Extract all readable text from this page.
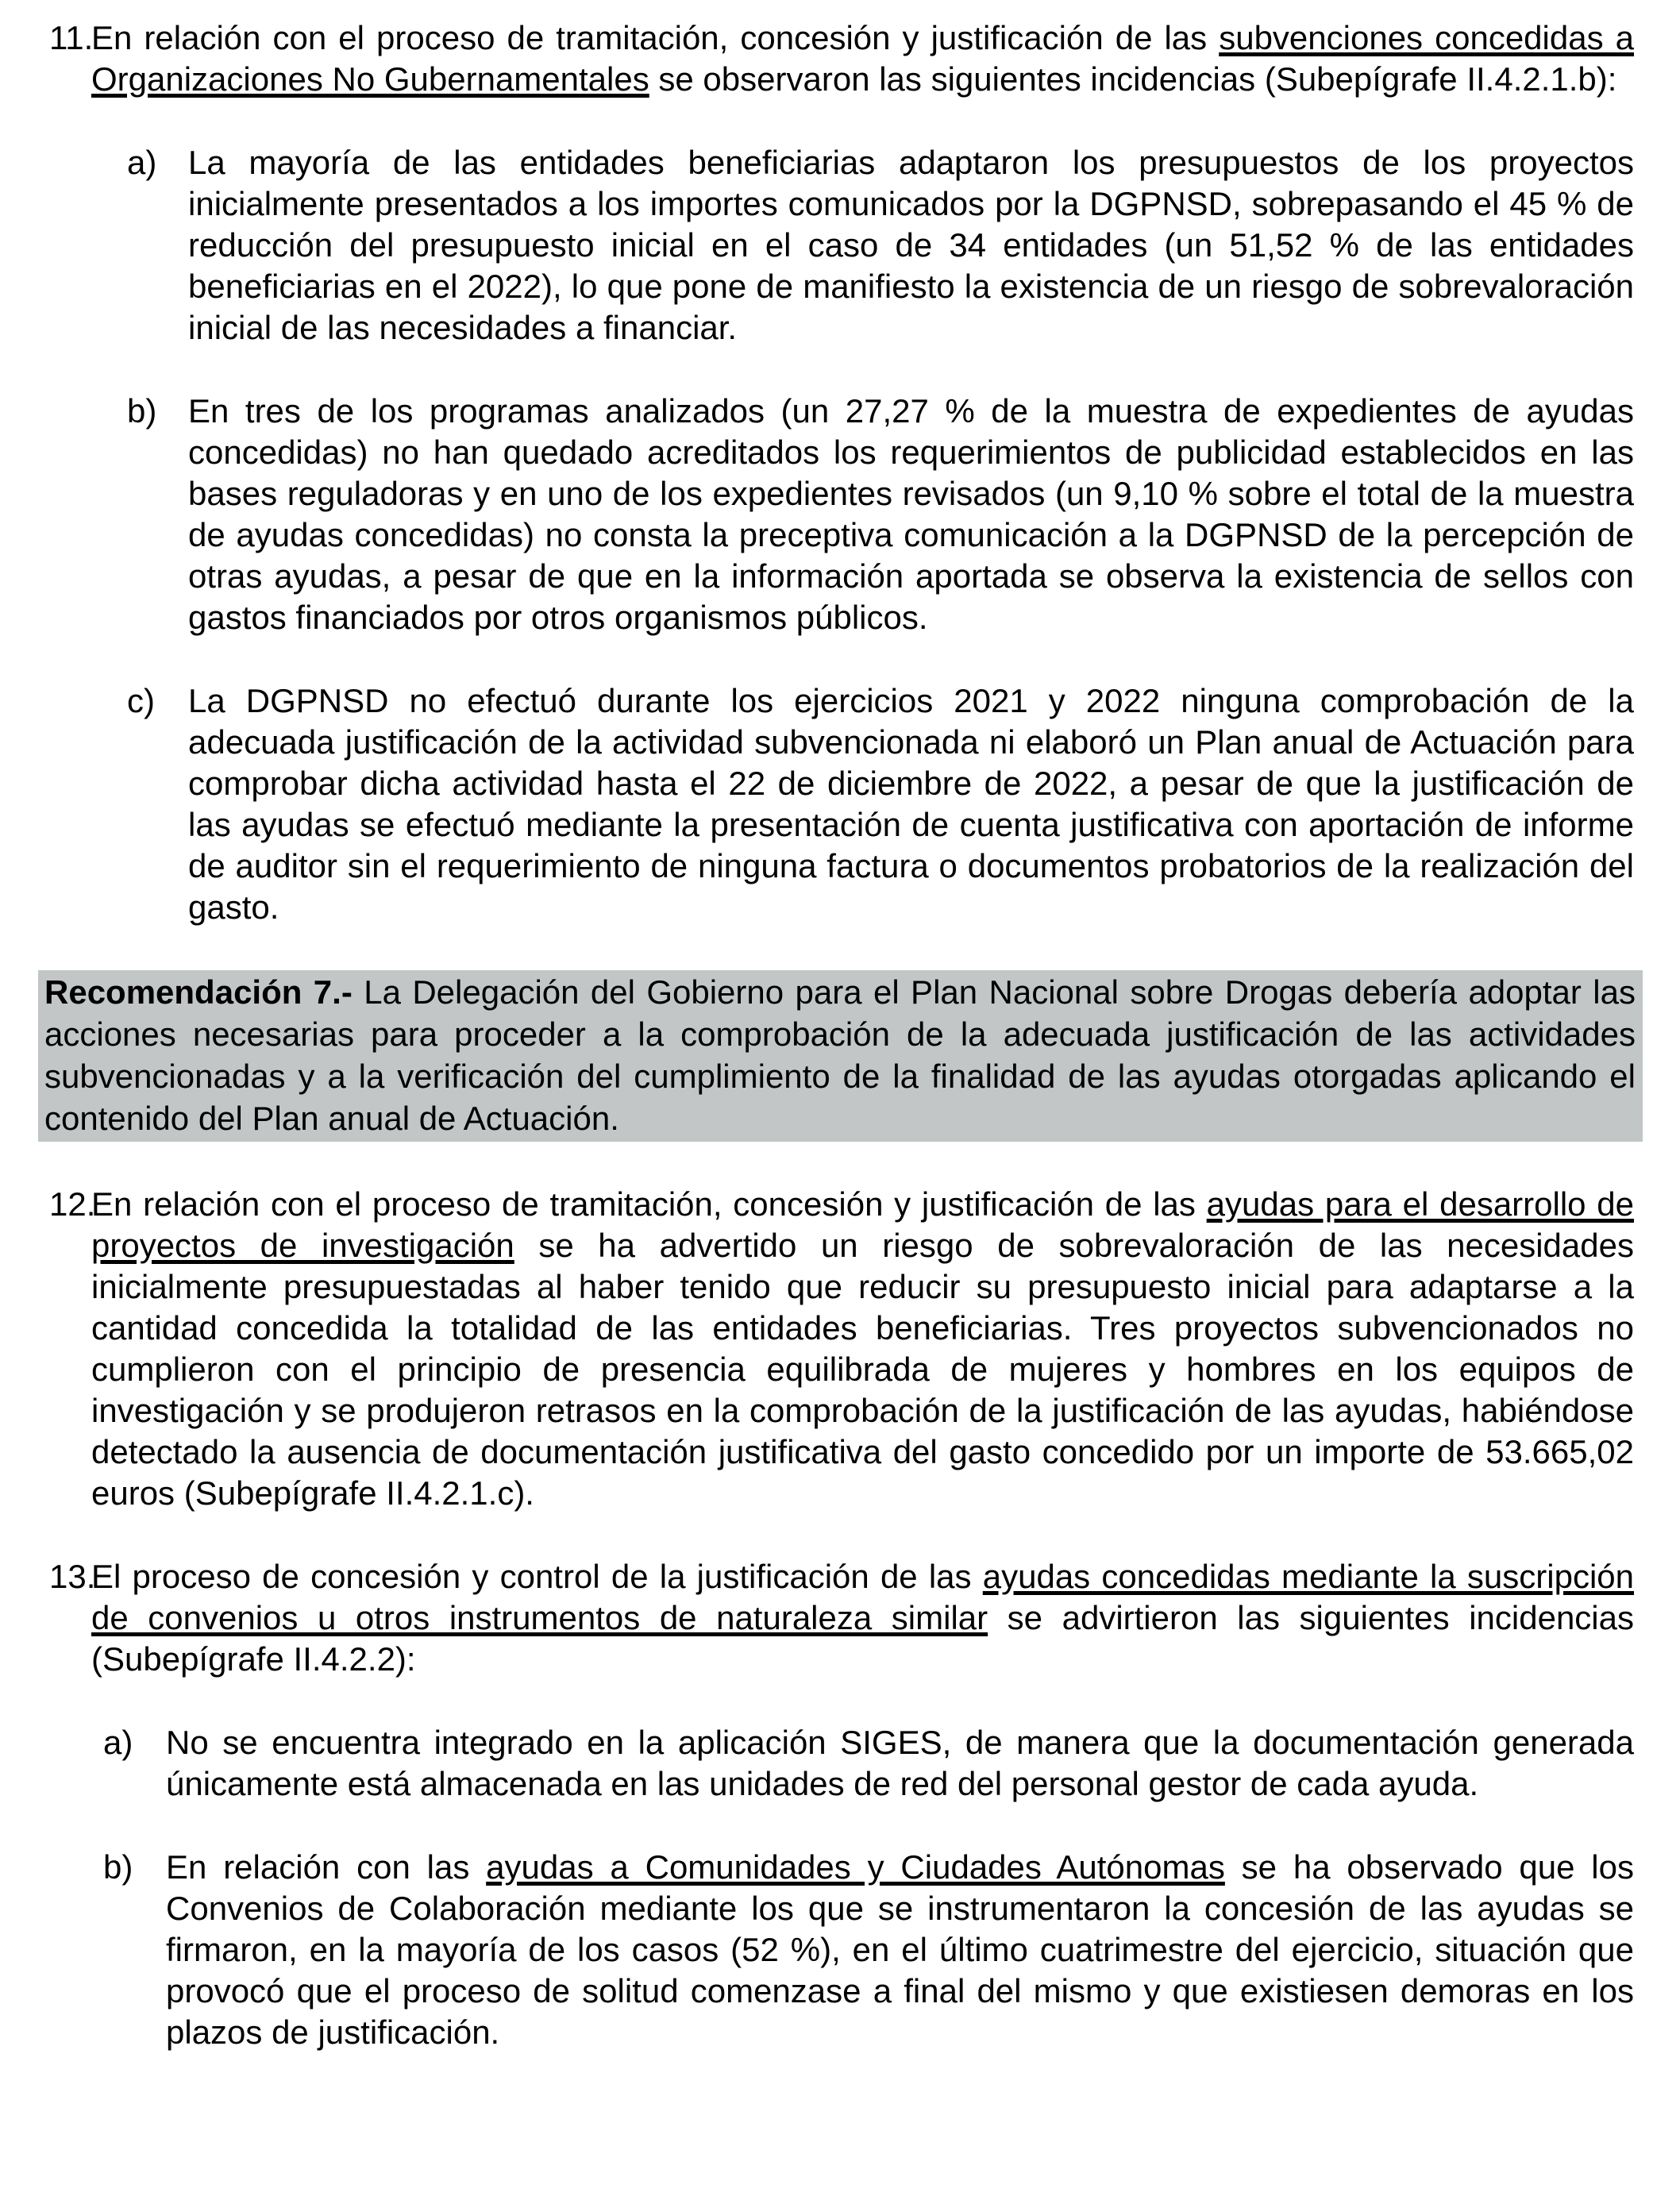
11.
En relación con el proceso de tramitación, concesión y justificación de las subvenciones concedidas a Organizaciones No Gubernamentales se observaron las siguientes incidencias (Subepígrafe II.4.2.1.b):

a) La mayoría de las entidades beneficiarias adaptaron los presupuestos de los proyectos inicialmente presentados a los importes comunicados por la DGPNSD, sobrepasando el 45 % de reducción del presupuesto inicial en el caso de 34 entidades (un 51,52 % de las entidades beneficiarias en el 2022), lo que pone de manifiesto la existencia de un riesgo de sobrevaloración inicial de las necesidades a financiar.

b) En tres de los programas analizados (un 27,27 % de la muestra de expedientes de ayudas concedidas) no han quedado acreditados los requerimientos de publicidad establecidos en las bases reguladoras y en uno de los expedientes revisados (un 9,10 % sobre el total de la muestra de ayudas concedidas) no consta la preceptiva comunicación a la DGPNSD de la percepción de otras ayudas, a pesar de que en la información aportada se observa la existencia de sellos con gastos financiados por otros organismos públicos.

c) La DGPNSD no efectuó durante los ejercicios 2021 y 2022 ninguna comprobación de la adecuada justificación de la actividad subvencionada ni elaboró un Plan anual de Actuación para comprobar dicha actividad hasta el 22 de diciembre de 2022, a pesar de que la justificación de las ayudas se efectuó mediante la presentación de cuenta justificativa con aportación de informe de auditor sin el requerimiento de ninguna factura o documentos probatorios de la realización del gasto.

Recomendación 7.- La Delegación del Gobierno para el Plan Nacional sobre Drogas debería adoptar las acciones necesarias para proceder a la comprobación de la adecuada justificación de las actividades subvencionadas y a la verificación del cumplimiento de la finalidad de las ayudas otorgadas aplicando el contenido del Plan anual de Actuación.

12.
En relación con el proceso de tramitación, concesión y justificación de las ayudas para el desarrollo de proyectos de investigación se ha advertido un riesgo de sobrevaloración de las necesidades inicialmente presupuestadas al haber tenido que reducir su presupuesto inicial para adaptarse a la cantidad concedida la totalidad de las entidades beneficiarias. Tres proyectos subvencionados no cumplieron con el principio de presencia equilibrada de mujeres y hombres en los equipos de investigación y se produjeron retrasos en la comprobación de la justificación de las ayudas, habiéndose detectado la ausencia de documentación justificativa del gasto concedido por un importe de 53.665,02 euros (Subepígrafe II.4.2.1.c).

13.
El proceso de concesión y control de la justificación de las ayudas concedidas mediante la suscripción de convenios u otros instrumentos de naturaleza similar se advirtieron las siguientes incidencias (Subepígrafe II.4.2.2):

a) No se encuentra integrado en la aplicación SIGES, de manera que la documentación generada únicamente está almacenada en las unidades de red del personal gestor de cada ayuda.

b) En relación con las ayudas a Comunidades y Ciudades Autónomas se ha observado que los Convenios de Colaboración mediante los que se instrumentaron la concesión de las ayudas se firmaron, en la mayoría de los casos (52 %), en el último cuatrimestre del ejercicio, situación que provocó que el proceso de solitud comenzase a final del mismo y que existiesen demoras en los plazos de justificación.
